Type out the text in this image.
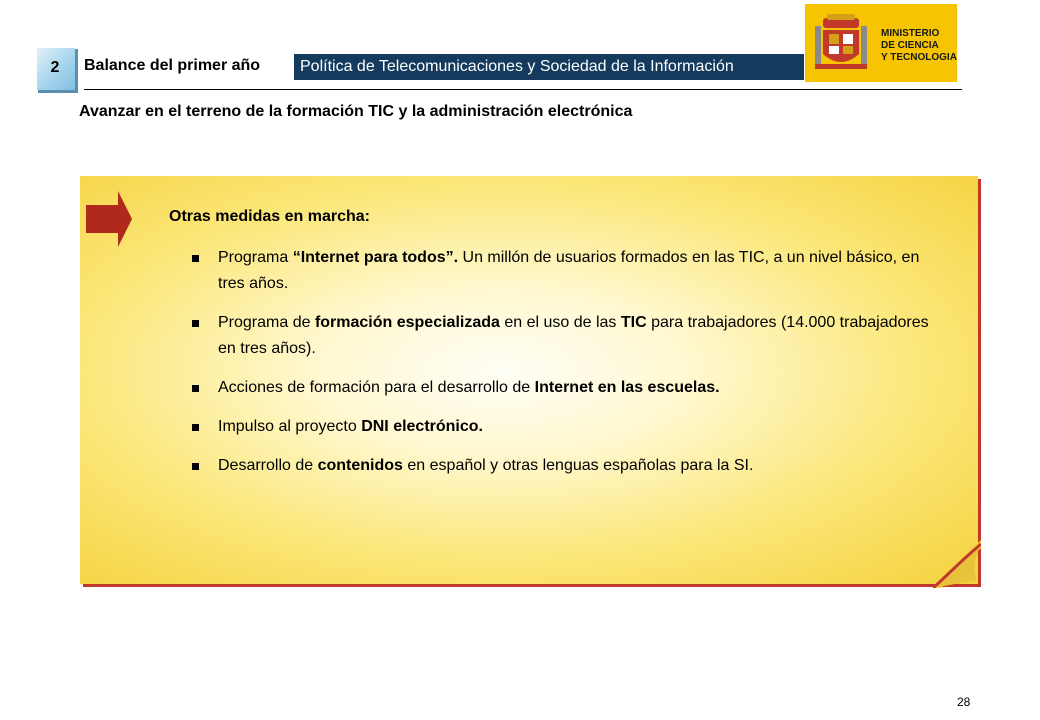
2	Balance del primer año	Política de Telecomunicaciones y Sociedad de la Información
MINISTERIO
DE CIENCIA
Y TECNOLOGIA
Avanzar en el terreno de la formación TIC y la administración electrónica
Otras medidas en marcha:
Programa “Internet para todos”. Un millón de usuarios formados en las TIC, a un nivel básico, en tres años.
Programa de formación especializada en el uso de las TIC para trabajadores (14.000 trabajadores en tres años).
Acciones de formación para el desarrollo de Internet en las escuelas.
Impulso al proyecto DNI electrónico.
Desarrollo de contenidos en español y otras lenguas españolas para la SI.
28
